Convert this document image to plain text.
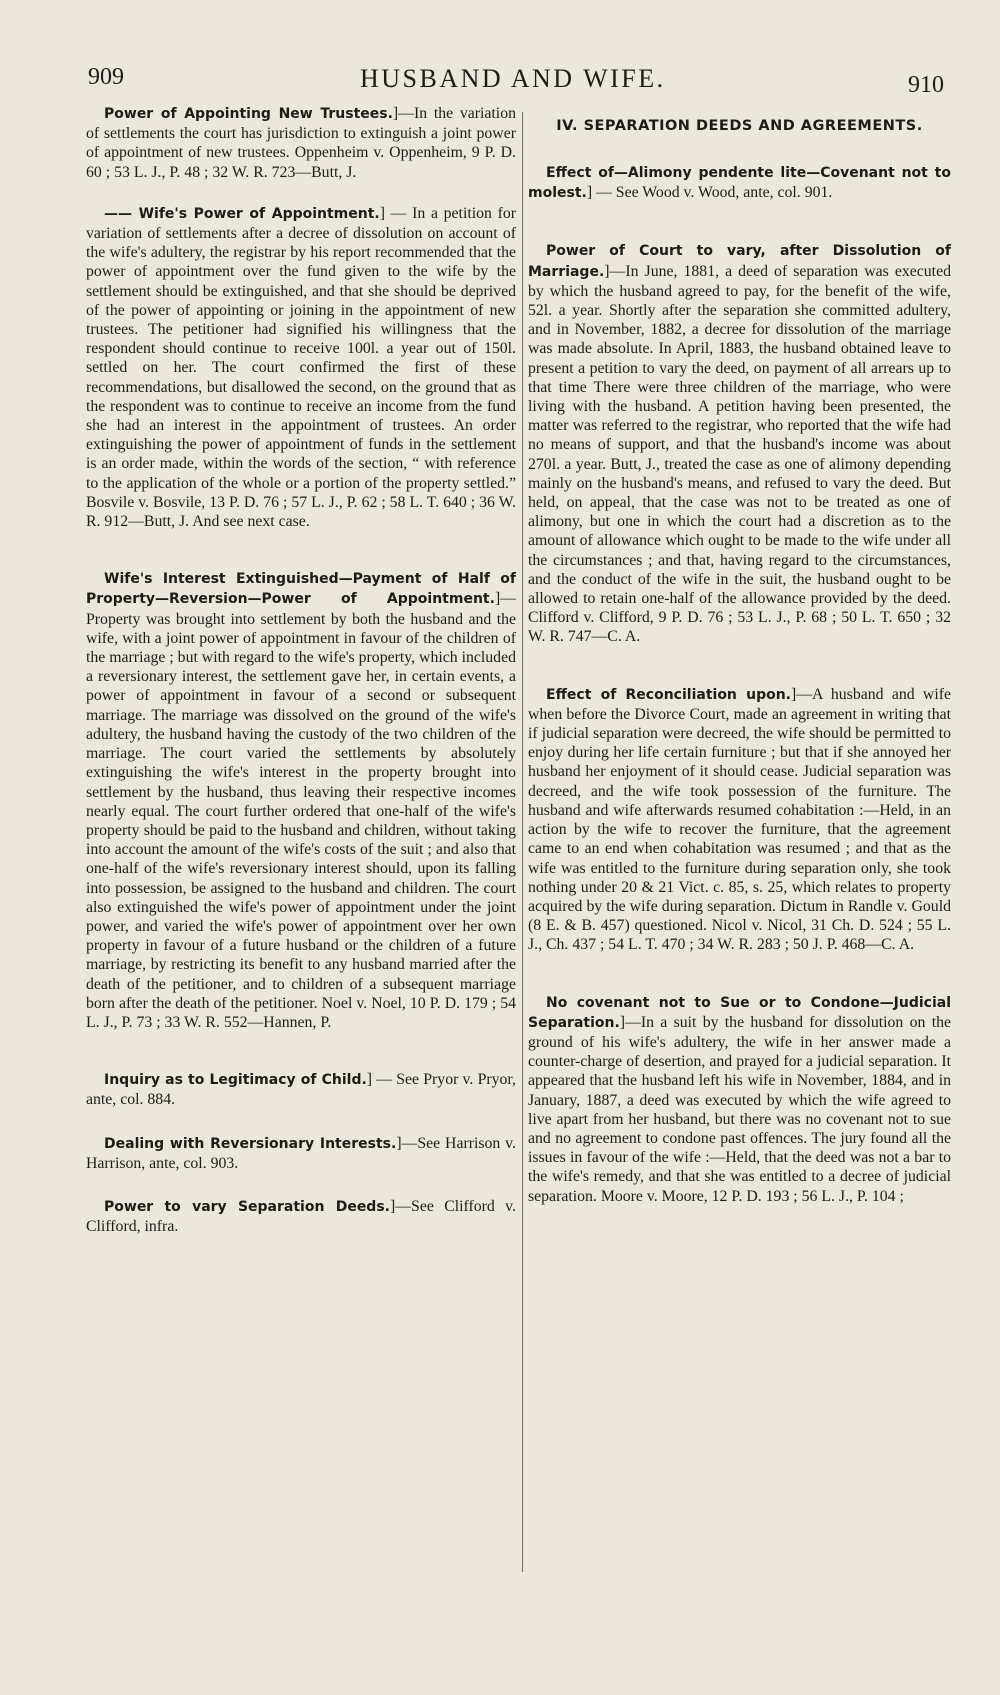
909	HUSBAND AND WIFE.	910

Power of Appointing New Trustees.]—In the variation of settlements the court has jurisdiction to extinguish a joint power of appointment of new trustees. Oppenheim v. Oppenheim, 9 P. D. 60 ; 53 L. J., P. 48 ; 32 W. R. 723—Butt, J.

—— Wife's Power of Appointment.] — In a petition for variation of settlements after a decree of dissolution on account of the wife's adultery, the registrar by his report recommended that the power of appointment over the fund given to the wife by the settlement should be extinguished, and that she should be deprived of the power of appointing or joining in the appointment of new trustees. The petitioner had signified his willingness that the respondent should continue to receive 100l. a year out of 150l. settled on her. The court confirmed the first of these recommendations, but disallowed the second, on the ground that as the respondent was to continue to receive an income from the fund she had an interest in the appointment of trustees. An order extinguishing the power of appointment of funds in the settlement is an order made, within the words of the section, “ with reference to the application of the whole or a portion of the property settled.” Bosvile v. Bosvile, 13 P. D. 76 ; 57 L. J., P. 62 ; 58 L. T. 640 ; 36 W. R. 912—Butt, J. And see next case.

Wife's Interest Extinguished—Payment of Half of Property—Reversion—Power of Appointment.]—Property was brought into settlement by both the husband and the wife, with a joint power of appointment in favour of the children of the marriage ; but with regard to the wife's property, which included a reversionary interest, the settlement gave her, in certain events, a power of appointment in favour of a second or subsequent marriage. The marriage was dissolved on the ground of the wife's adultery, the husband having the custody of the two children of the marriage. The court varied the settlements by absolutely extinguishing the wife's interest in the property brought into settlement by the husband, thus leaving their respective incomes nearly equal. The court further ordered that one-half of the wife's property should be paid to the husband and children, without taking into account the amount of the wife's costs of the suit ; and also that one-half of the wife's reversionary interest should, upon its falling into possession, be assigned to the husband and children. The court also extinguished the wife's power of appointment under the joint power, and varied the wife's power of appointment over her own property in favour of a future husband or the children of a future marriage, by restricting its benefit to any husband married after the death of the petitioner, and to children of a subsequent marriage born after the death of the petitioner. Noel v. Noel, 10 P. D. 179 ; 54 L. J., P. 73 ; 33 W. R. 552—Hannen, P.

Inquiry as to Legitimacy of Child.] — See Pryor v. Pryor, ante, col. 884.

Dealing with Reversionary Interests.]—See Harrison v. Harrison, ante, col. 903.

Power to vary Separation Deeds.]—See Clifford v. Clifford, infra.

IV. SEPARATION DEEDS AND AGREEMENTS.

Effect of—Alimony pendente lite—Covenant not to molest.] — See Wood v. Wood, ante, col. 901.

Power of Court to vary, after Dissolution of Marriage.]—In June, 1881, a deed of separation was executed by which the husband agreed to pay, for the benefit of the wife, 52l. a year. Shortly after the separation she committed adultery, and in November, 1882, a decree for dissolution of the marriage was made absolute. In April, 1883, the husband obtained leave to present a petition to vary the deed, on payment of all arrears up to that time There were three children of the marriage, who were living with the husband. A petition having been presented, the matter was referred to the registrar, who reported that the wife had no means of support, and that the husband's income was about 270l. a year. Butt, J., treated the case as one of alimony depending mainly on the husband's means, and refused to vary the deed. But held, on appeal, that the case was not to be treated as one of alimony, but one in which the court had a discretion as to the amount of allowance which ought to be made to the wife under all the circumstances ; and that, having regard to the circumstances, and the conduct of the wife in the suit, the husband ought to be allowed to retain one-half of the allowance provided by the deed. Clifford v. Clifford, 9 P. D. 76 ; 53 L. J., P. 68 ; 50 L. T. 650 ; 32 W. R. 747—C. A.

Effect of Reconciliation upon.]—A husband and wife when before the Divorce Court, made an agreement in writing that if judicial separation were decreed, the wife should be permitted to enjoy during her life certain furniture ; but that if she annoyed her husband her enjoyment of it should cease. Judicial separation was decreed, and the wife took possession of the furniture. The husband and wife afterwards resumed cohabitation :—Held, in an action by the wife to recover the furniture, that the agreement came to an end when cohabitation was resumed ; and that as the wife was entitled to the furniture during separation only, she took nothing under 20 & 21 Vict. c. 85, s. 25, which relates to property acquired by the wife during separation. Dictum in Randle v. Gould (8 E. & B. 457) questioned. Nicol v. Nicol, 31 Ch. D. 524 ; 55 L. J., Ch. 437 ; 54 L. T. 470 ; 34 W. R. 283 ; 50 J. P. 468—C. A.

No covenant not to Sue or to Condone—Judicial Separation.]—In a suit by the husband for dissolution on the ground of his wife's adultery, the wife in her answer made a counter-charge of desertion, and prayed for a judicial separation. It appeared that the husband left his wife in November, 1884, and in January, 1887, a deed was executed by which the wife agreed to live apart from her husband, but there was no covenant not to sue and no agreement to condone past offences. The jury found all the issues in favour of the wife :—Held, that the deed was not a bar to the wife's remedy, and that she was entitled to a decree of judicial separation. Moore v. Moore, 12 P. D. 193 ; 56 L. J., P. 104 ;
